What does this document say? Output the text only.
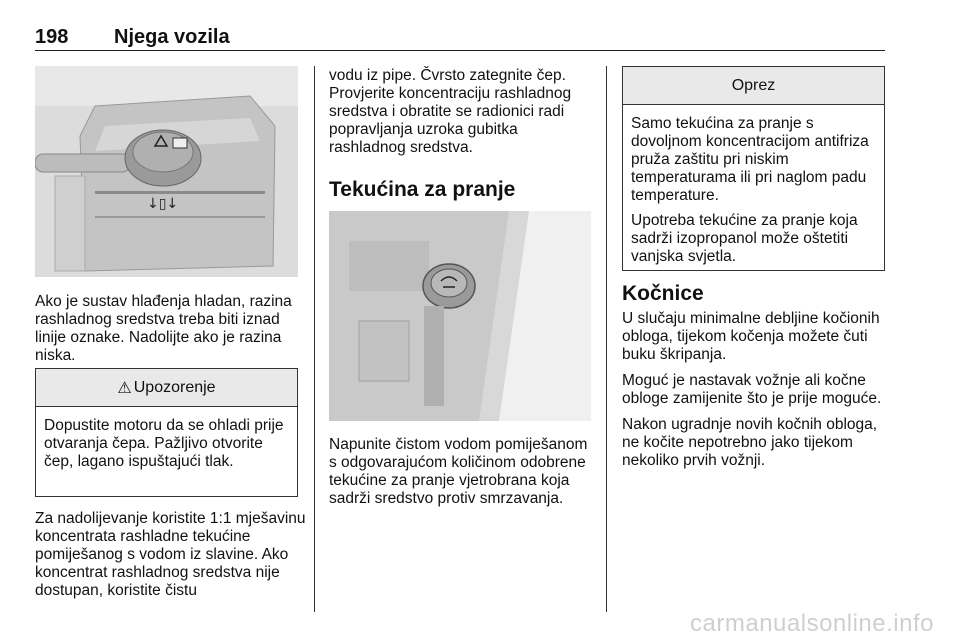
198 Njega vozila
↓▯↓

Ako je sustav hlađenja hladan, razina rashladnog sredstva treba biti iznad linije oznake. Nadolijte ako je razina niska.

⚠ Upozorenje

Dopustite motoru da se ohladi prije otvaranja čepa. Pažljivo otvorite čep, lagano ispuštajući tlak.

Za nadolijevanje koristite 1:1 mješavinu koncentrata rashladne tekućine pomiješanog s vodom iz slavine. Ako koncentrat rashladnog sredstva nije dostupan, koristite čistu

vodu iz pipe. Čvrsto zategnite čep. Provjerite koncentraciju rashladnog sredstva i obratite se radionici radi popravljanja uzroka gubitka rashladnog sredstva.

Tekućina za pranje

Napunite čistom vodom pomiješanom s odgovarajućom količinom odobrene tekućine za pranje vjetrobrana koja sadrži sredstvo protiv smrzavanja.

Oprez

Samo tekućina za pranje s dovoljnom koncentracijom antifriza pruža zaštitu pri niskim temperaturama ili pri naglom padu temperature.

Upotreba tekućine za pranje koja sadrži izopropanol može oštetiti vanjska svjetla.

Kočnice

U slučaju minimalne debljine kočionih obloga, tijekom kočenja možete čuti buku škripanja.

Moguć je nastavak vožnje ali kočne obloge zamijenite što je prije moguće.

Nakon ugradnje novih kočnih obloga, ne kočite nepotrebno jako tijekom nekoliko prvih vožnji.

carmanualsonline.info
